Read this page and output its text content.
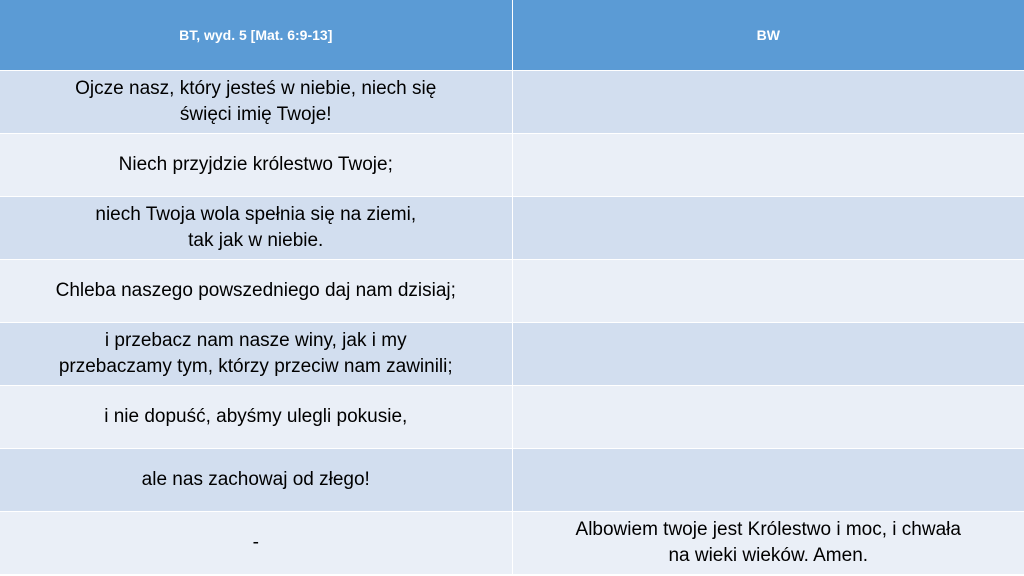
BT, wyd. 5 [Mat. 6:9-13]	BW

Ojcze nasz, który jesteś w niebie, niech się
święci imię Twoje!	

Niech przyjdzie królestwo Twoje;	

niech Twoja wola spełnia się na ziemi,
tak jak w niebie.	

Chleba naszego powszedniego daj nam dzisiaj;	

i przebacz nam nasze winy, jak i my
przebaczamy tym, którzy przeciw nam zawinili;	

i nie dopuść, abyśmy ulegli pokusie,	

ale nas zachowaj od złego!	

-	Albowiem twoje jest Królestwo i moc, i chwała
na wieki wieków. Amen.
